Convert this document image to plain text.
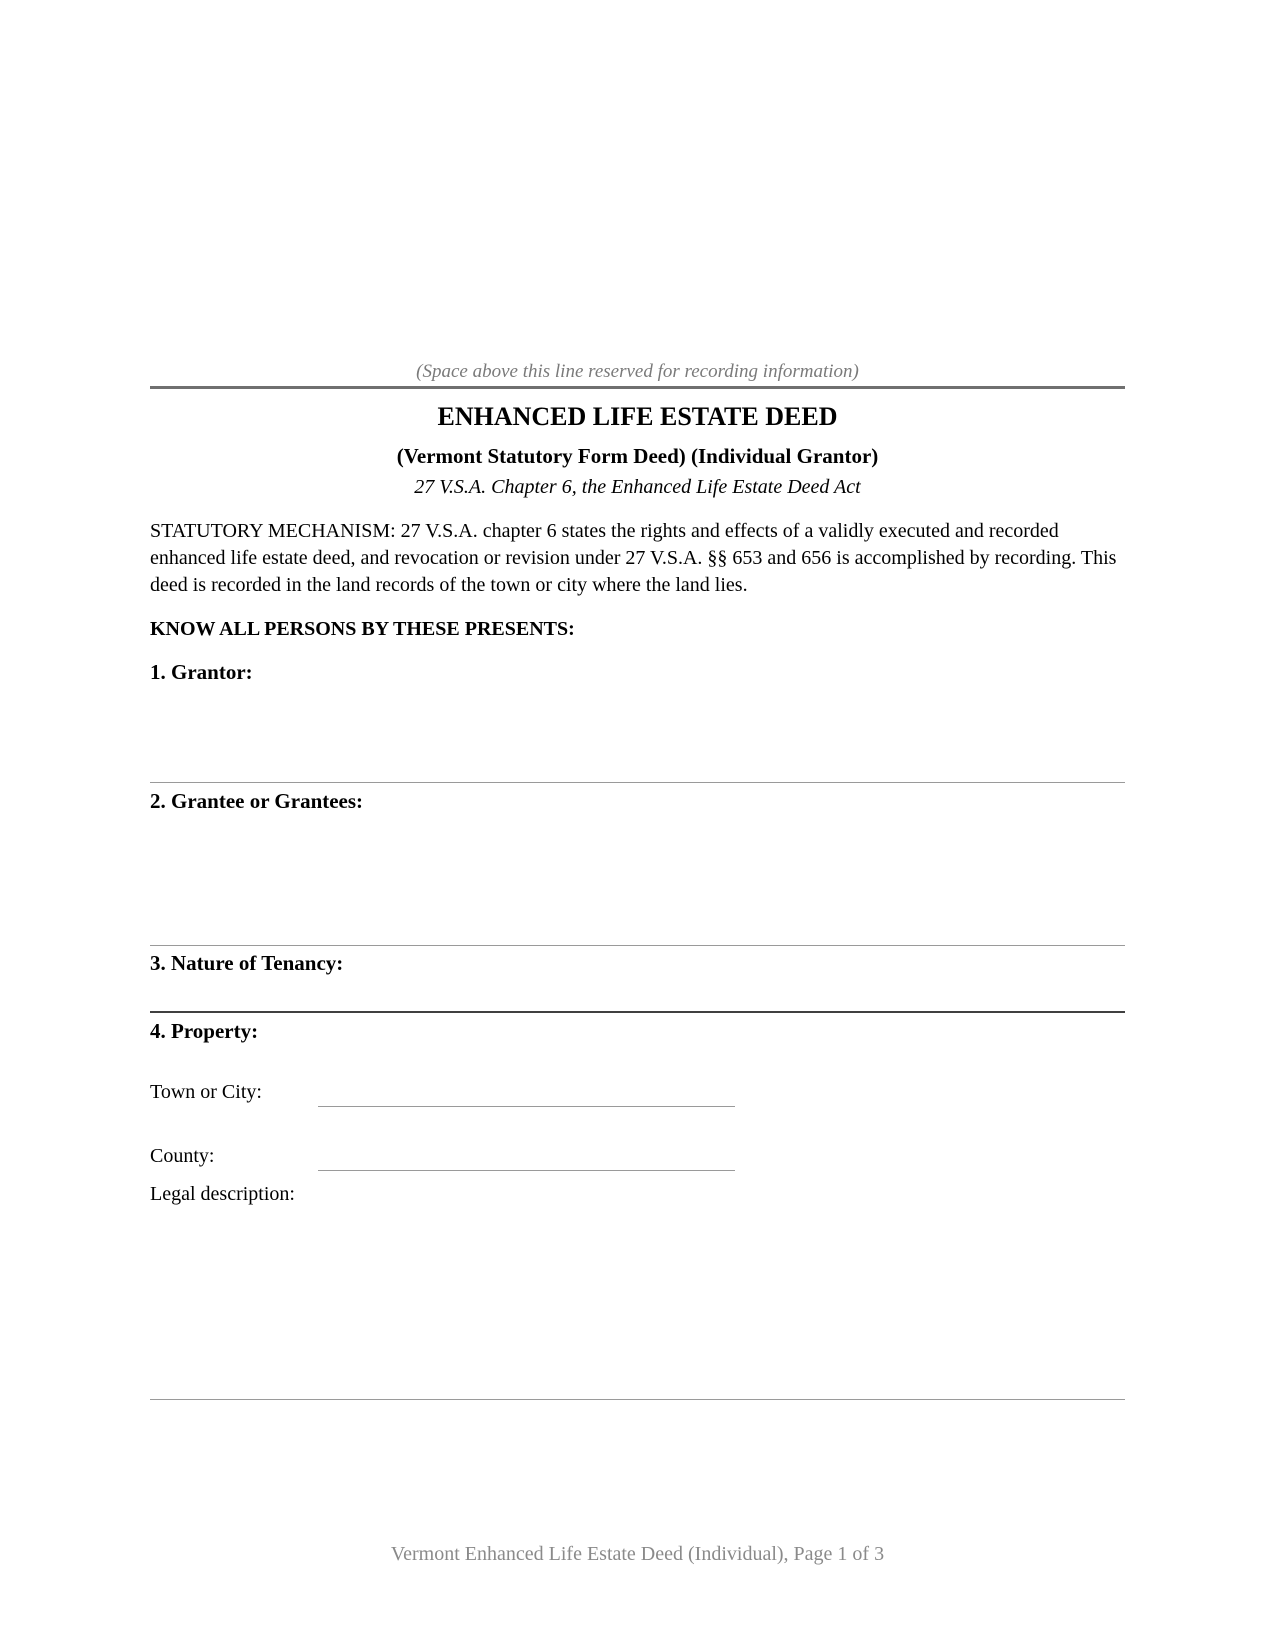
(Space above this line reserved for recording information)
ENHANCED LIFE ESTATE DEED
(Vermont Statutory Form Deed) (Individual Grantor)
27 V.S.A. Chapter 6, the Enhanced Life Estate Deed Act
STATUTORY MECHANISM: 27 V.S.A. chapter 6 states the rights and effects of a validly executed and recorded enhanced life estate deed, and revocation or revision under 27 V.S.A. §§ 653 and 656 is accomplished by recording. This deed is recorded in the land records of the town or city where the land lies.
KNOW ALL PERSONS BY THESE PRESENTS:
1. Grantor:
2. Grantee or Grantees:
3. Nature of Tenancy:
4. Property:
Town or City:
County:
Legal description:
Vermont Enhanced Life Estate Deed (Individual), Page 1 of 3
